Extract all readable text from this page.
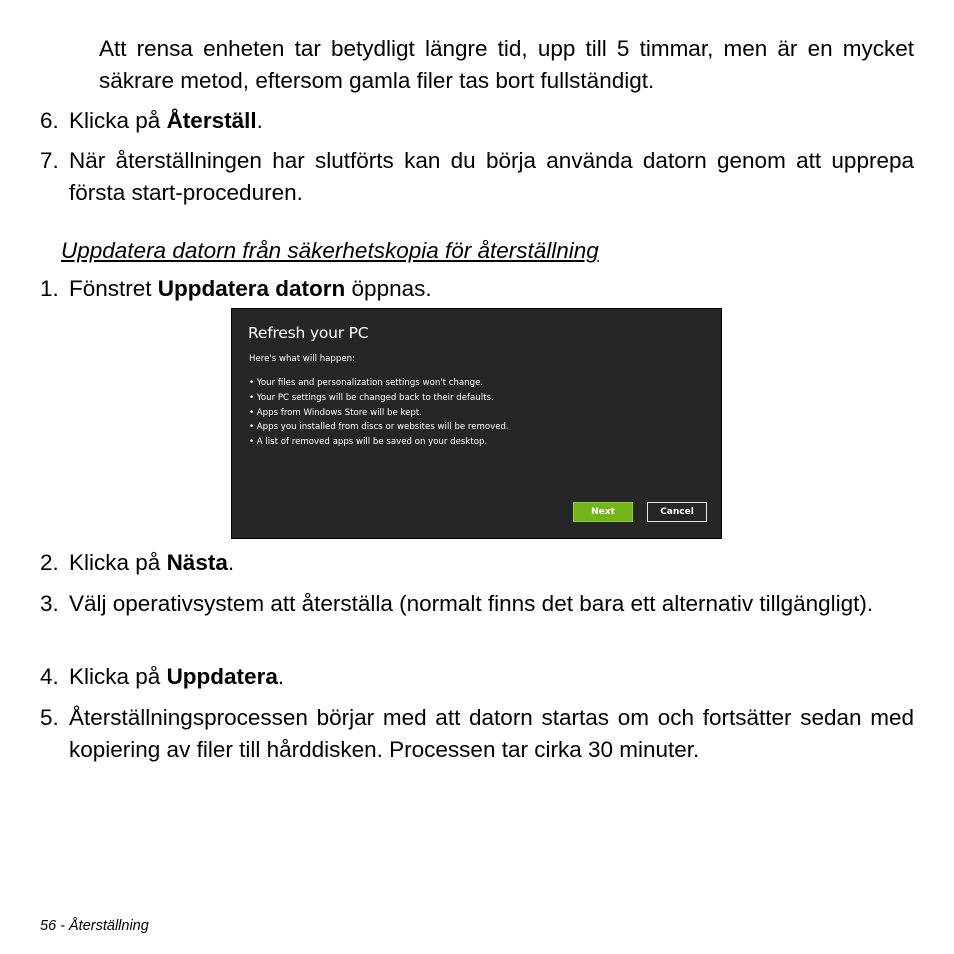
Att rensa enheten tar betydligt längre tid, upp till 5 timmar, men är en mycket säkrare metod, eftersom gamla filer tas bort fullständigt.

6. Klicka på Återställ.
7. När återställningen har slutförts kan du börja använda datorn genom att upprepa första start-proceduren.
Uppdatera datorn från säkerhetskopia för återställning
1. Fönstret Uppdatera datorn öppnas.
Refresh your PC
Here's what will happen:
• Your files and personalization settings won't change.
• Your PC settings will be changed back to their defaults.
• Apps from Windows Store will be kept.
• Apps you installed from discs or websites will be removed.
• A list of removed apps will be saved on your desktop.
Next	Cancel
2. Klicka på Nästa.
3. Välj operativsystem att återställa (normalt finns det bara ett alternativ tillgängligt).
4. Klicka på Uppdatera.
5. Återställningsprocessen börjar med att datorn startas om och fortsätter sedan med kopiering av filer till hårddisken. Processen tar cirka 30 minuter.
56 - Återställning
